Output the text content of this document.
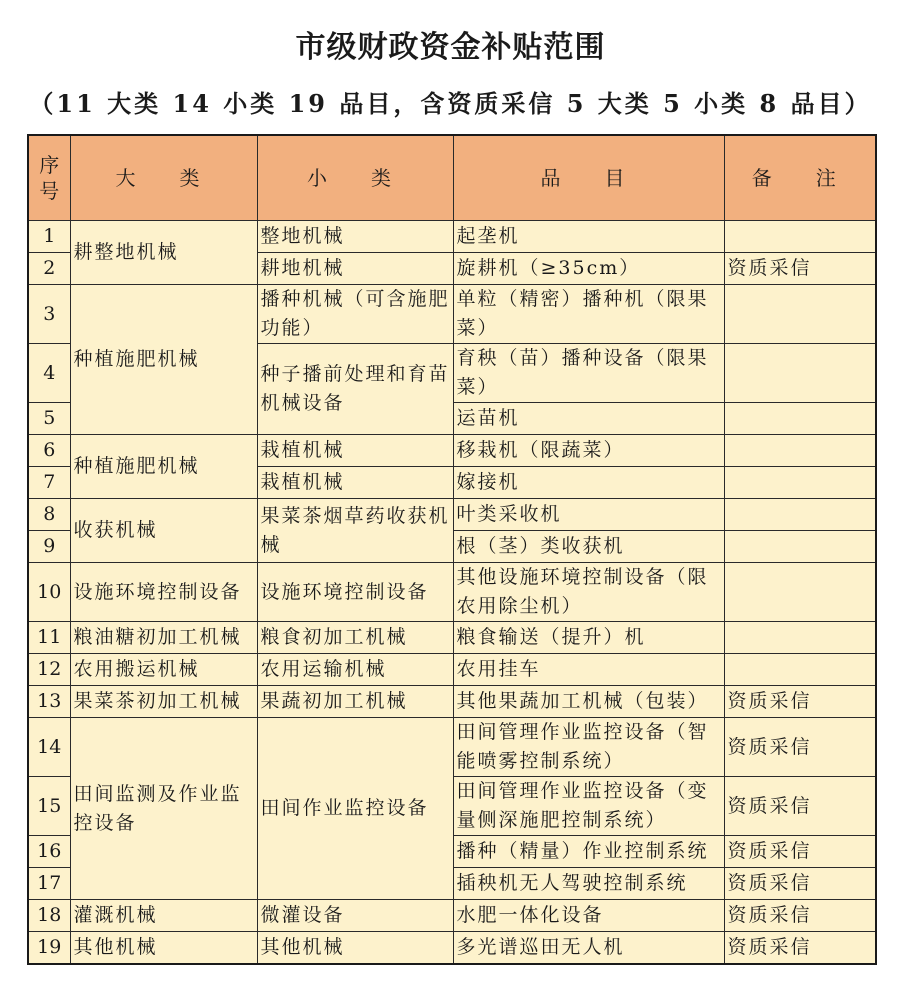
市级财政资金补贴范围
（11 大类 14 小类 19 品目，含资质采信 5 大类 5 小类 8 品目）
序号	大　类	小　类	品　目	备　注
1	耕整地机械	整地机械	起垄机	
2		耕地机械	旋耕机（≥35cm）	资质采信
3	种植施肥机械	播种机械（可含施肥功能）	单粒（精密）播种机（限果菜）	
4		种子播前处理和育苗机械设备	育秧（苗）播种设备（限果菜）	
5			运苗机	
6	种植施肥机械	栽植机械	移栽机（限蔬菜）	
7		栽植机械	嫁接机	
8	收获机械	果菜茶烟草药收获机械	叶类采收机	
9			根（茎）类收获机	
10	设施环境控制设备	设施环境控制设备	其他设施环境控制设备（限农用除尘机）	
11	粮油糖初加工机械	粮食初加工机械	粮食输送（提升）机	
12	农用搬运机械	农用运输机械	农用挂车	
13	果菜茶初加工机械	果蔬初加工机械	其他果蔬加工机械（包装）	资质采信
14	田间监测及作业监控设备	田间作业监控设备	田间管理作业监控设备（智能喷雾控制系统）	资质采信
15			田间管理作业监控设备（变量侧深施肥控制系统）	资质采信
16			播种（精量）作业控制系统	资质采信
17			插秧机无人驾驶控制系统	资质采信
18	灌溉机械	微灌设备	水肥一体化设备	资质采信
19	其他机械	其他机械	多光谱巡田无人机	资质采信
